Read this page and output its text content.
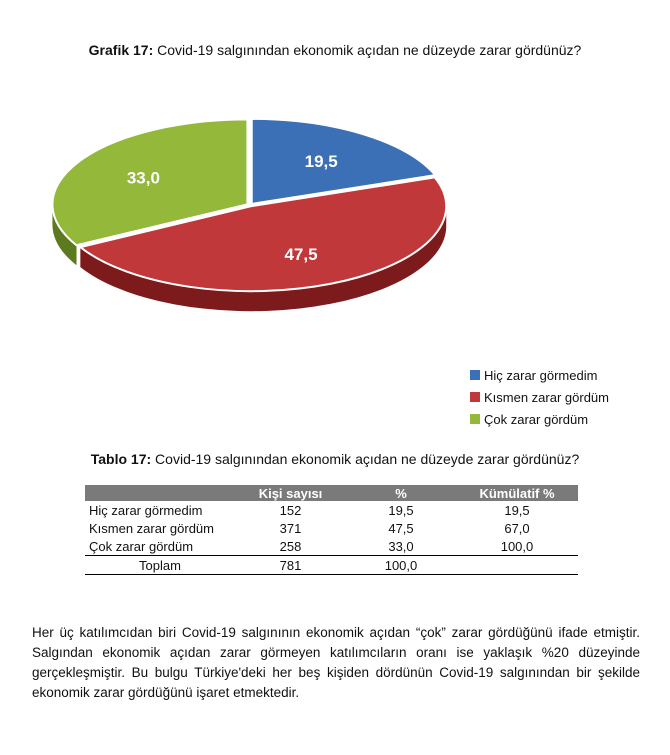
Grafik 17: Covid-19 salgınından ekonomik açıdan ne düzeyde zarar gördünüz?
19,5
47,5
33,0
Hiç zarar görmedim
Kısmen zarar gördüm
Çok zarar gördüm
Tablo 17: Covid-19 salgınından ekonomik açıdan ne düzeyde zarar gördünüz?
	Kişi sayısı	%	Kümülatif %
Hiç zarar görmedim	152	19,5	19,5
Kısmen zarar gördüm	371	47,5	67,0
Çok zarar gördüm	258	33,0	100,0
Toplam	781	100,0	
Her üç katılımcıdan biri Covid-19 salgınının ekonomik açıdan “çok” zarar gördüğünü ifade etmiştir. Salgından ekonomik açıdan zarar görmeyen katılımcıların oranı ise yaklaşık %20 düzeyinde gerçekleşmiştir. Bu bulgu Türkiye'deki her beş kişiden dördünün Covid-19 salgınından bir şekilde ekonomik zarar gördüğünü işaret etmektedir.
